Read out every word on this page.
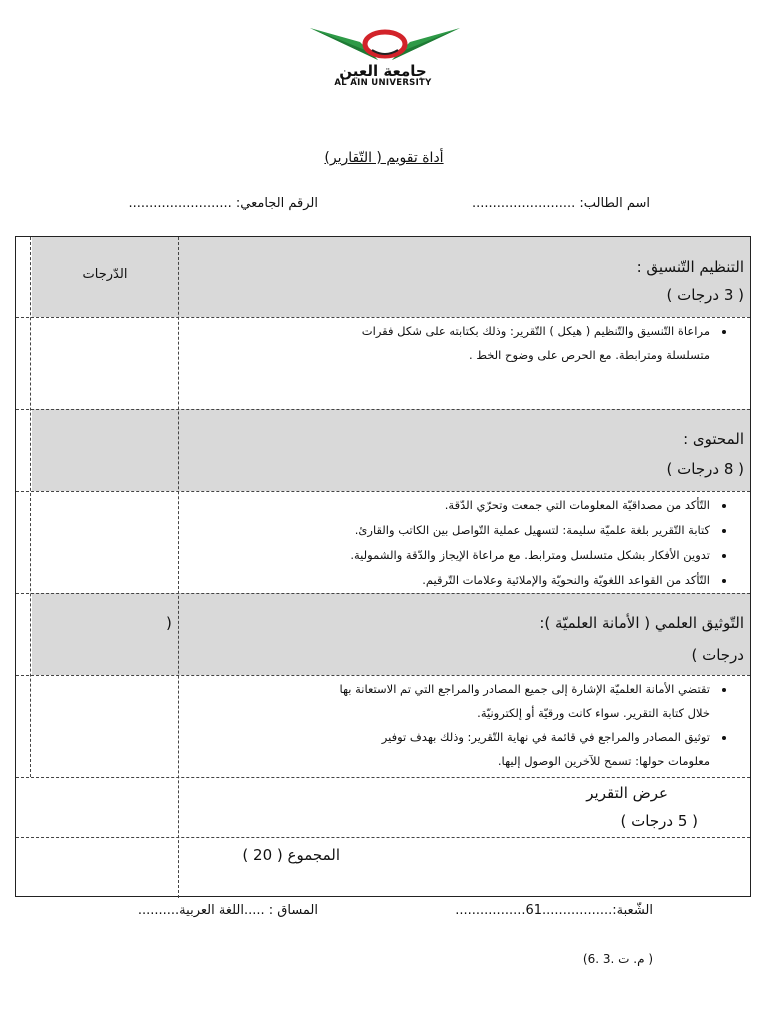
جامعة العين
AL AIN UNIVERSITY
أداة تقويم ( التّقارير)
اسم الطالب: .........................
الرقم الجامعي: .........................
الدّرجات	التنظيم التّنسيق :
( 3 درجات )
• مراعاة التّنسيق والتّنظيم ( هيكل ) التّقرير: وذلك بكتابته على شكل فقرات
متسلسلة ومترابطة. مع الحرص على وضوح الخط .
المحتوى :
( 8 درجات )
• التّأكد من مصداقيّة المعلومات التي جمعت وتحرّي الدّقة.
• كتابة التّقرير بلغة علميّة سليمة: لتسهيل عملية التّواصل بين الكاتب والقارئ.
• تدوين الأفكار بشكل متسلسل ومترابط. مع مراعاة الإيجاز والدّقة والشمولية.
• التّأكد من القواعد اللغويّة والنحويّة والإملائية وعلامات التّرقيم.
التّوثيق العلمي ( الأمانة العلميّة ):
(
درجات )
• تقتضي الأمانة العلميّة الإشارة إلى جميع المصادر والمراجع التي تم الاستعانة بها
خلال كتابة التقرير. سواء كانت ورقيّة أو إلكترونيّة.
• توثيق المصادر والمراجع في قائمة في نهاية التّقرير: وذلك بهدف توفير
معلومات حولها: تسمح للآخرين الوصول إليها.
عرض التقرير
( 5 درجات )
المجموع ( 20 )
الشّعبة:.................61.................
المساق : .....اللغة العربية..........
( م. ت .3 .6)
